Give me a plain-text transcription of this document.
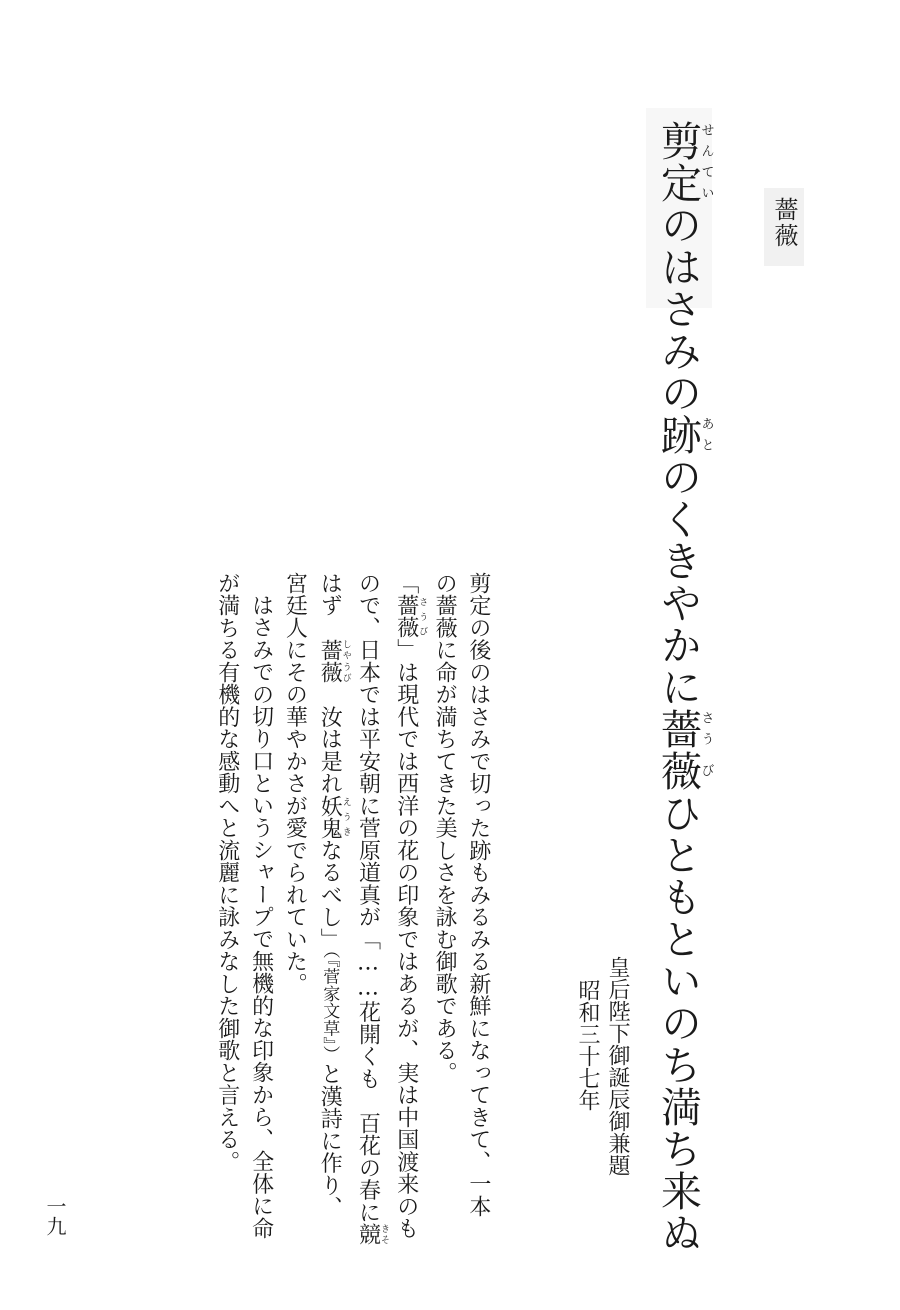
薔薇
剪せん定ていのはさみの跡あとのくきやかに薔さう薇びひともといのち満ち来ぬ
皇后陛下御誕辰御兼題
昭和三十七年

剪定の後のはさみで切った跡もみるみる新鮮になってきて、一本

の薔薇に命が満ちてきた美しさを詠む御歌である。

「薔薇さうび」は現代では西洋の花の印象ではあるが、実は中国渡来のも

ので、日本では平安朝に菅原道真が「……花開くも　百花の春に競きそ

はず　薔薇しやうび　汝は是れ妖鬼えうきなるべし」（『菅家文草』）と漢詩に作り、

宮廷人にその華やかさが愛でられていた。

はさみでの切り口というシャープで無機的な印象から、全体に命

が満ちる有機的な感動へと流麗に詠みなした御歌と言える。

一九
